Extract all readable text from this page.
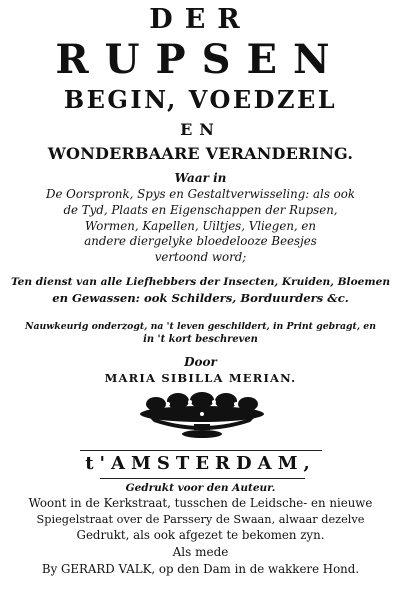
DER
RUPSEN
BEGIN, VOEDZEL
EN
WONDERBAARE VERANDERING.
Waar in
De Oorspronk, Spys en Gestaltverwisseling: als ook
de Tyd, Plaats en Eigenschappen der Rupsen,
Wormen, Kapellen, Uiltjes, Vliegen, en
andere diergelyke bloedelooze Beesjes
vertoond word;
Ten dienst van alle Liefhebbers der Insecten, Kruiden, Bloemen
en Gewassen: ook Schilders, Borduurders &c.
Nauwkeurig onderzogt, na 't leven geschildert, in Print gebragt, en
in 't kort beschreven
Door
MARIA SIBILLA MERIAN.
t'AMSTERDAM,
Gedrukt voor den Auteur.
Woont in de Kerkstraat, tusschen de Leidsche- en nieuwe
Spiegelstraat over de Parssery de Swaan, alwaar dezelve
Gedrukt, als ook afgezet te bekomen zyn.
Als mede
By GERARD VALK, op den Dam in de wakkere Hond.
